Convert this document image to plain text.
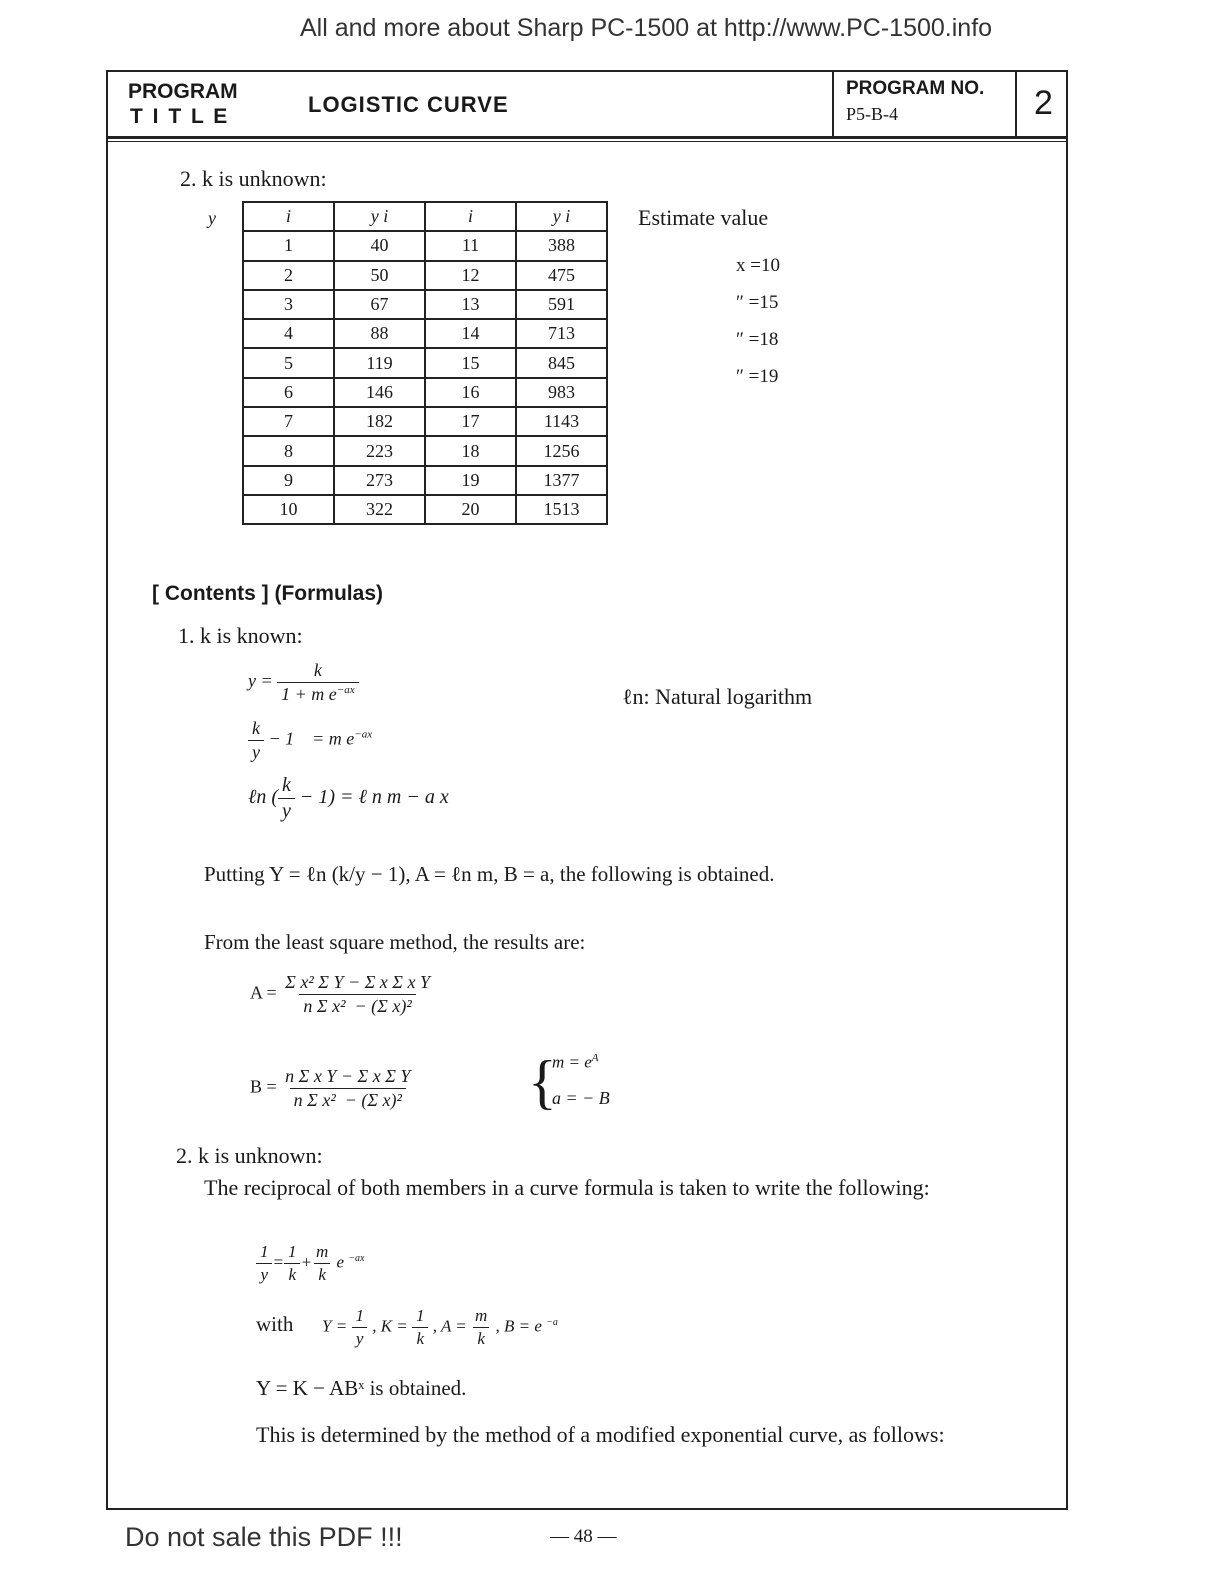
All and more about Sharp PC-1500 at http://www.PC-1500.info
PROGRAM
T I T L E	LOGISTIC CURVE
PROGRAM NO.
P5-B-4	2
2. k is unknown:
y	i	y i	i	y i
1	40	11	388
2	50	12	475
3	67	13	591
4	88	14	713
5	119	15	845
6	146	16	983
7	182	17	1143
8	223	18	1256
9	273	19	1377
10	322	20	1513
Estimate value
x =10
″ =15
″ =18
″ =19
[ Contents ] (Formulas)
1. k is known:
$y = \frac{k}{1 + m e^{-ax}}$	ℓn: Natural logarithm
$\frac{k}{y} - 1$    = m $e^{-ax}$
ℓn ( $\frac{k}{y} - 1$) = ℓ n m − a x
Putting Y = ℓn (k/y − 1), A = ℓn m, B = a, the following is obtained.
From the least square method, the results are:
$A = \frac{\text{Σ x² Σ Y − Σ x Σ x Y}}{\text{n Σ x²  − (Σ x)²}}$
$B = \frac{\text{n Σ x Y − Σ x Σ Y}}{\text{n Σ x²  − (Σ x)²}}$ {
$m = e^A$
a = − B
2. k is unknown:
The reciprocal of both members in a curve formula is taken to write the following:
$\frac{1}{y} = \frac{1}{k} + \frac{m}{k}$ e $^{-ax}$
with $Y = \frac{1}{y}$ , $K = \frac{1}{k}$ , $A = \frac{m}{k}$ , B = e $^{-a}$
Y = K − ABˣ is obtained.
This is determined by the method of a modified exponential curve, as follows:
Do not sale this PDF !!!	— 48 —
